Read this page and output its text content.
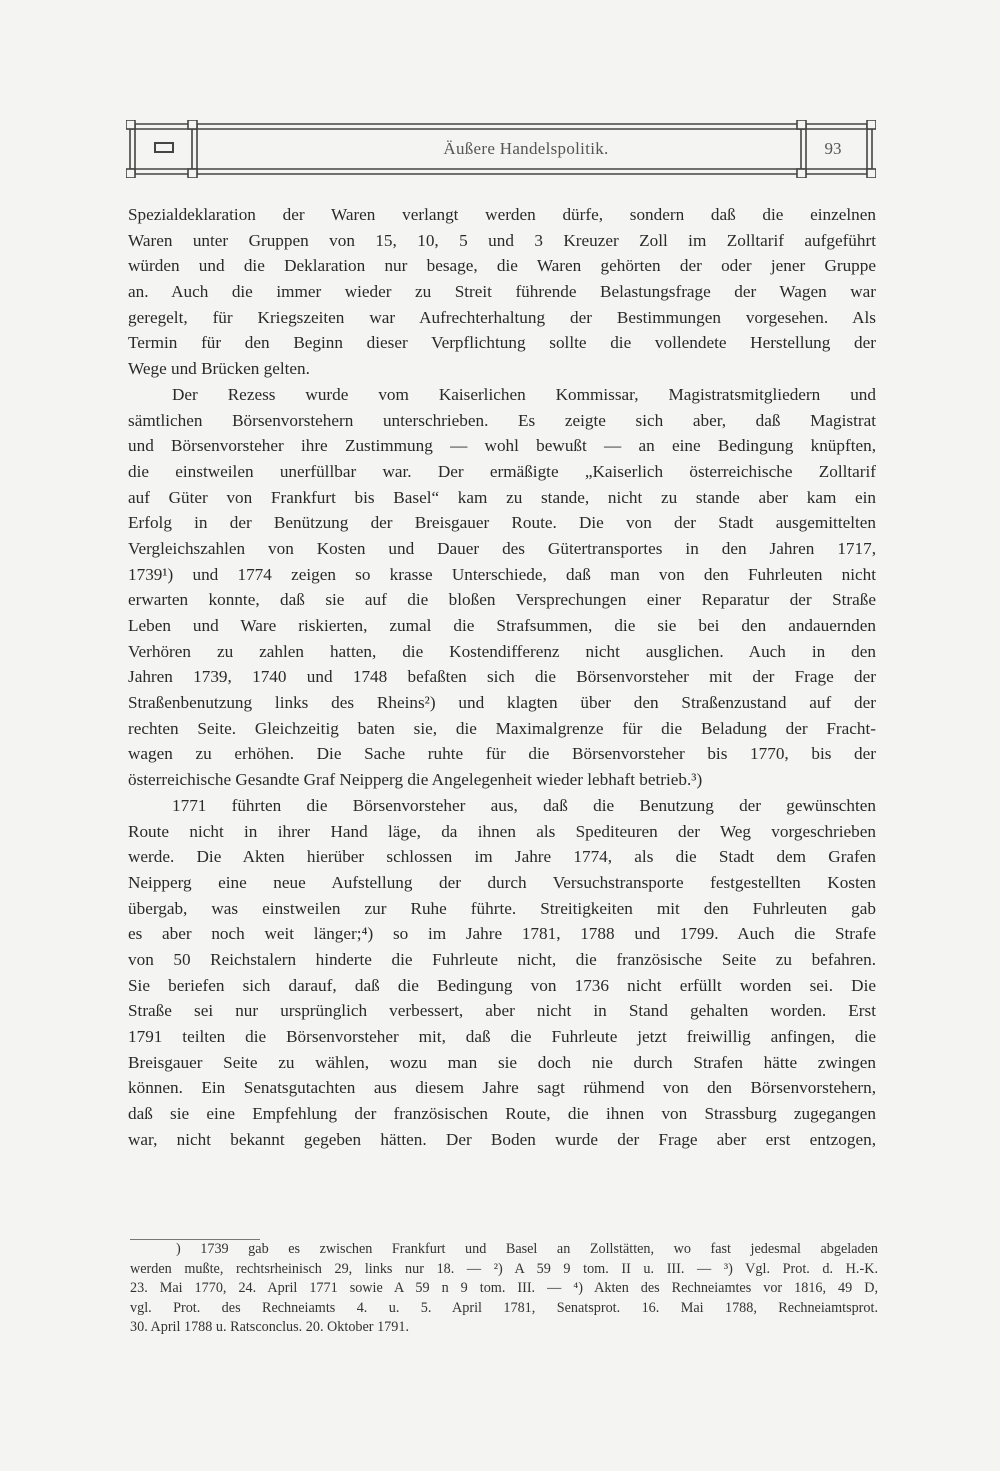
Äußere Handelspolitik.	93
Spezialdeklaration der Waren verlangt werden dürfe, sondern daß die einzelnen
Waren unter Gruppen von 15, 10, 5 und 3 Kreuzer Zoll im Zolltarif aufgeführt
würden und die Deklaration nur besage, die Waren gehörten der oder jener Gruppe
an. Auch die immer wieder zu Streit führende Belastungsfrage der Wagen war
geregelt, für Kriegszeiten war Aufrechterhaltung der Bestimmungen vorgesehen. Als
Termin für den Beginn dieser Verpflichtung sollte die vollendete Herstellung der
Wege und Brücken gelten.
Der Rezess wurde vom Kaiserlichen Kommissar, Magistratsmitgliedern und
sämtlichen Börsenvorstehern unterschrieben. Es zeigte sich aber, daß Magistrat
und Börsenvorsteher ihre Zustimmung — wohl bewußt — an eine Bedingung knüpften,
die einstweilen unerfüllbar war. Der ermäßigte „Kaiserlich österreichische Zolltarif
auf Güter von Frankfurt bis Basel“ kam zu stande, nicht zu stande aber kam ein
Erfolg in der Benützung der Breisgauer Route. Die von der Stadt ausgemittelten
Vergleichszahlen von Kosten und Dauer des Gütertransportes in den Jahren 1717,
1739¹) und 1774 zeigen so krasse Unterschiede, daß man von den Fuhrleuten nicht
erwarten konnte, daß sie auf die bloßen Versprechungen einer Reparatur der Straße
Leben und Ware riskierten, zumal die Strafsummen, die sie bei den andauernden
Verhören zu zahlen hatten, die Kostendifferenz nicht ausglichen. Auch in den
Jahren 1739, 1740 und 1748 befaßten sich die Börsenvorsteher mit der Frage der
Straßenbenutzung links des Rheins²) und klagten über den Straßenzustand auf der
rechten Seite. Gleichzeitig baten sie, die Maximalgrenze für die Beladung der Fracht-
wagen zu erhöhen. Die Sache ruhte für die Börsenvorsteher bis 1770, bis der
österreichische Gesandte Graf Neipperg die Angelegenheit wieder lebhaft betrieb.³)
1771 führten die Börsenvorsteher aus, daß die Benutzung der gewünschten
Route nicht in ihrer Hand läge, da ihnen als Spediteuren der Weg vorgeschrieben
werde. Die Akten hierüber schlossen im Jahre 1774, als die Stadt dem Grafen
Neipperg eine neue Aufstellung der durch Versuchstransporte festgestellten Kosten
übergab, was einstweilen zur Ruhe führte. Streitigkeiten mit den Fuhrleuten gab
es aber noch weit länger;⁴) so im Jahre 1781, 1788 und 1799. Auch die Strafe
von 50 Reichstalern hinderte die Fuhrleute nicht, die französische Seite zu befahren.
Sie beriefen sich darauf, daß die Bedingung von 1736 nicht erfüllt worden sei. Die
Straße sei nur ursprünglich verbessert, aber nicht in Stand gehalten worden. Erst
1791 teilten die Börsenvorsteher mit, daß die Fuhrleute jetzt freiwillig anfingen, die
Breisgauer Seite zu wählen, wozu man sie doch nie durch Strafen hätte zwingen
können. Ein Senatsgutachten aus diesem Jahre sagt rühmend von den Börsenvorstehern,
daß sie eine Empfehlung der französischen Route, die ihnen von Strassburg zugegangen
war, nicht bekannt gegeben hätten. Der Boden wurde der Frage aber erst entzogen,
) 1739 gab es zwischen Frankfurt und Basel an Zollstätten, wo fast jedesmal abgeladen
werden mußte, rechtsrheinisch 29, links nur 18. — ²) A 59 9 tom. II u. III. — ³) Vgl. Prot. d. H.-K.
23. Mai 1770, 24. April 1771 sowie A 59 n 9 tom. III. — ⁴) Akten des Rechneiamtes vor 1816, 49 D,
vgl. Prot. des Rechneiamts 4. u. 5. April 1781, Senatsprot. 16. Mai 1788, Rechneiamtsprot.
30. April 1788 u. Ratsconclus. 20. Oktober 1791.
